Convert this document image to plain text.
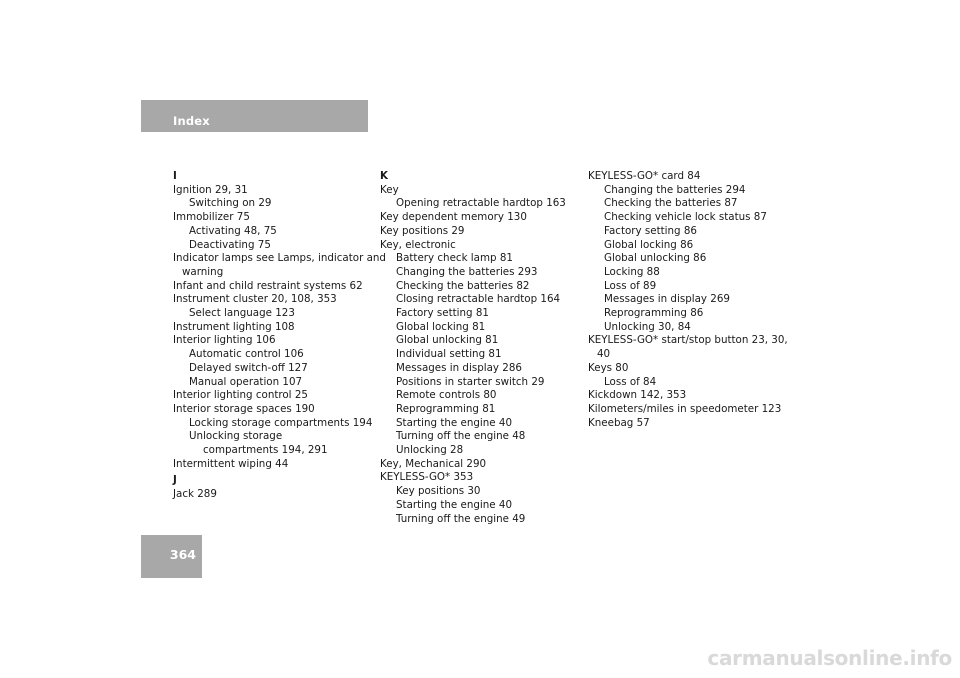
Index
I
Ignition 29, 31
Switching on 29
Immobilizer 75
Activating 48, 75
Deactivating 75
Indicator lamps see Lamps, indicator and
warning
Infant and child restraint systems 62
Instrument cluster 20, 108, 353
Select language 123
Instrument lighting 108
Interior lighting 106
Automatic control 106
Delayed switch-off 127
Manual operation 107
Interior lighting control 25
Interior storage spaces 190
Locking storage compartments 194
Unlocking storage
compartments 194, 291
Intermittent wiping 44
J
Jack 289
K
Key
Opening retractable hardtop 163
Key dependent memory 130
Key positions 29
Key, electronic
Battery check lamp 81
Changing the batteries 293
Checking the batteries 82
Closing retractable hardtop 164
Factory setting 81
Global locking 81
Global unlocking 81
Individual setting 81
Messages in display 286
Positions in starter switch 29
Remote controls 80
Reprogramming 81
Starting the engine 40
Turning off the engine 48
Unlocking 28
Key, Mechanical 290
KEYLESS-GO* 353
Key positions 30
Starting the engine 40
Turning off the engine 49
KEYLESS-GO* card 84
Changing the batteries 294
Checking the batteries 87
Checking vehicle lock status 87
Factory setting 86
Global locking 86
Global unlocking 86
Locking 88
Loss of 89
Messages in display 269
Reprogramming 86
Unlocking 30, 84
KEYLESS-GO* start/stop button 23, 30,
40
Keys 80
Loss of 84
Kickdown 142, 353
Kilometers/miles in speedometer 123
Kneebag 57
364
carmanualsonline.info
